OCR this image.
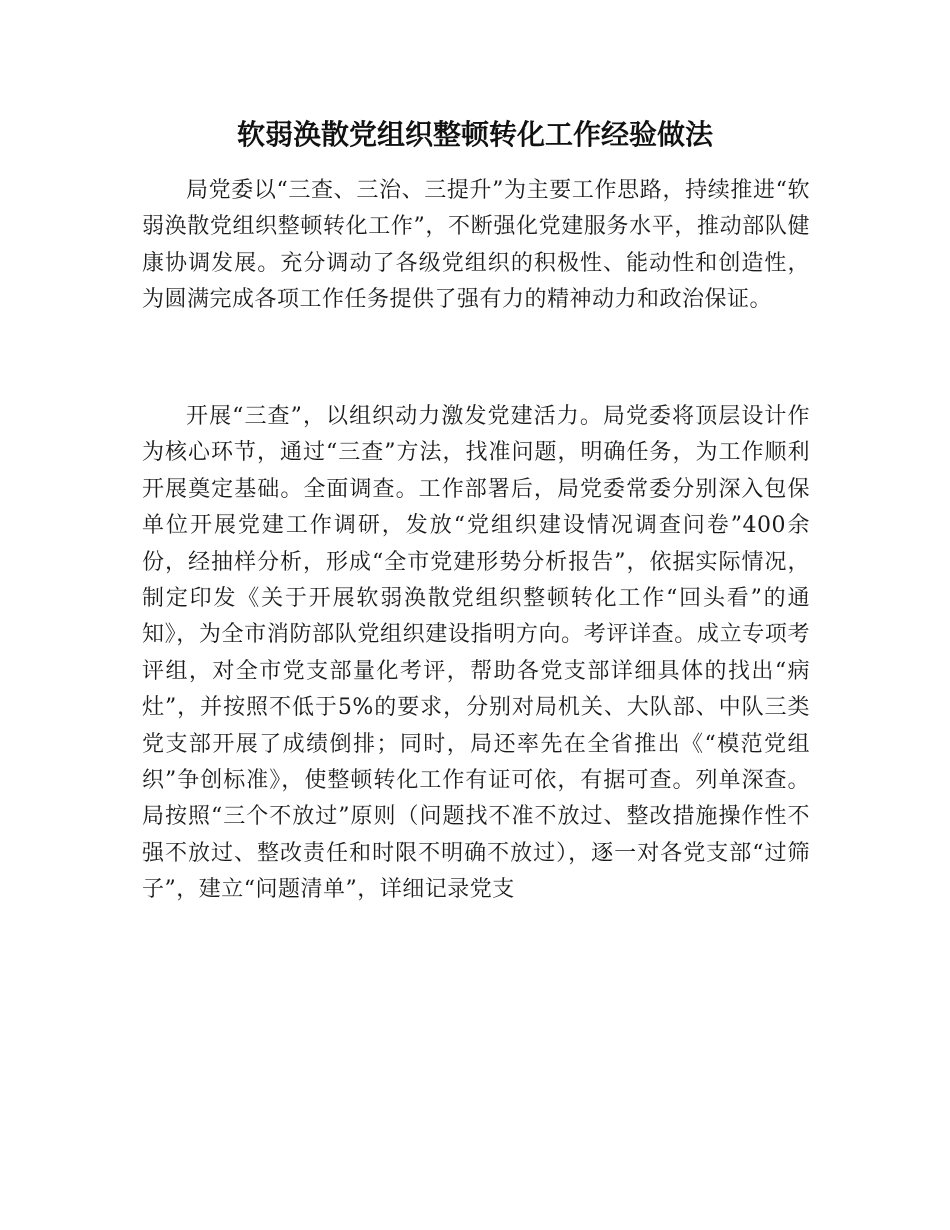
软弱涣散党组织整顿转化工作经验做法

局党委以“三查、三治、三提升”为主要工作思路，持续推进“软弱涣散党组织整顿转化工作”，不断强化党建服务水平，推动部队健康协调发展。充分调动了各级党组织的积极性、能动性和创造性，为圆满完成各项工作任务提供了强有力的精神动力和政治保证。

开展“三查”，以组织动力激发党建活力。局党委将顶层设计作为核心环节，通过“三查”方法，找准问题，明确任务，为工作顺利开展奠定基础。全面调查。工作部署后，局党委常委分别深入包保单位开展党建工作调研，发放“党组织建设情况调查问卷”400余份，经抽样分析，形成“全市党建形势分析报告”，依据实际情况，制定印发《关于开展软弱涣散党组织整顿转化工作“回头看”的通知》，为全市消防部队党组织建设指明方向。考评详查。成立专项考评组，对全市党支部量化考评，帮助各党支部详细具体的找出“病灶”，并按照不低于5%的要求，分别对局机关、大队部、中队三类党支部开展了成绩倒排；同时，局还率先在全省推出《“模范党组织”争创标准》，使整顿转化工作有证可依，有据可查。列单深查。局按照“三个不放过”原则（问题找不准不放过、整改措施操作性不强不放过、整改责任和时限不明确不放过），逐一对各党支部“过筛子”，建立“问题清单”，详细记录党支
